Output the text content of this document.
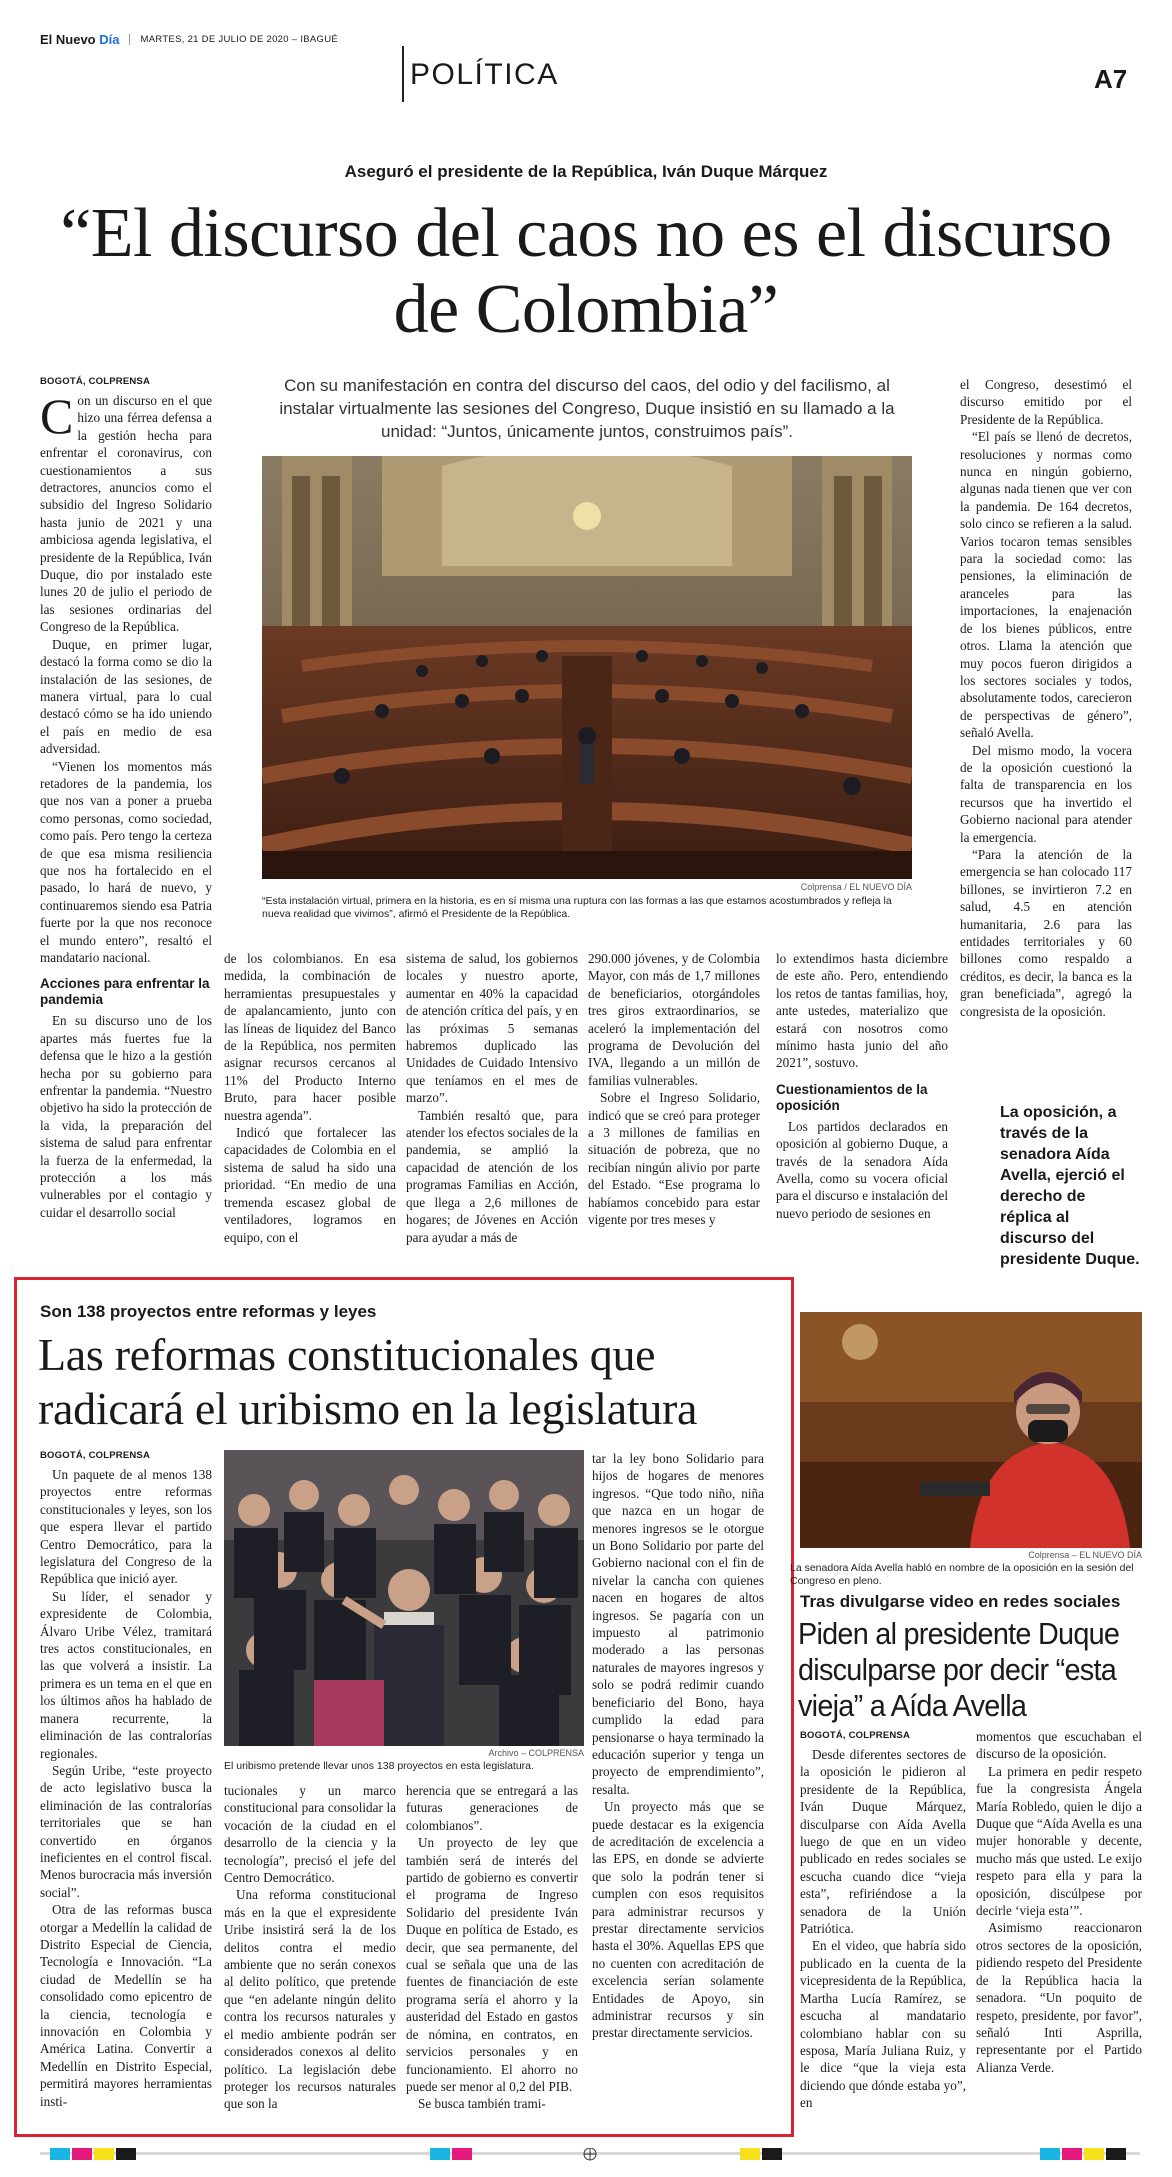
El Nuevo Día	MARTES, 21 DE JULIO DE 2020 – IBAGUÉ
POLÍTICA	A7
Aseguró el presidente de la República, Iván Duque Márquez
“El discurso del caos no es el discurso de Colombia”
Con su manifestación en contra del discurso del caos, del odio y del facilismo, al instalar virtualmente las sesiones del Congreso, Duque insistió en su llamado a la unidad: “Juntos, únicamente juntos, construimos país”.
BOGOTÁ, COLPRENSA

Con un discurso en el que hizo una férrea defensa a la gestión hecha para enfrentar el coronavirus, con cuestionamientos a sus detractores, anuncios como el subsidio del Ingreso Solidario hasta junio de 2021 y una ambiciosa agenda legislativa, el presidente de la República, Iván Duque, dio por instalado este lunes 20 de julio el periodo de las sesiones ordinarias del Congreso de la República.

Duque, en primer lugar, destacó la forma como se dio la instalación de las sesiones, de manera virtual, para lo cual destacó cómo se ha ido uniendo el país en medio de esa adversidad.

“Vienen los momentos más retadores de la pandemia, los que nos van a poner a prueba como personas, como sociedad, como país. Pero tengo la certeza de que esa misma resiliencia que nos ha fortalecido en el pasado, lo hará de nuevo, y continuaremos siendo esa Patria fuerte por la que nos reconoce el mundo entero”, resaltó el mandatario nacional.

Acciones para enfrentar la pandemia

En su discurso uno de los apartes más fuertes fue la defensa que le hizo a la gestión hecha por su gobierno para enfrentar la pandemia. “Nuestro objetivo ha sido la protección de la vida, la preparación del sistema de salud para enfrentar la fuerza de la enfermedad, la protección a los más vulnerables por el contagio y cuidar el desarrollo social

Colprensa / EL NUEVO DÍA
“Esta instalación virtual, primera en la historia, es en sí misma una ruptura con las formas a las que estamos acostumbrados y refleja la nueva realidad que vivimos”, afirmó el Presidente de la República.

de los colombianos. En esa medida, la combinación de herramientas presupuestales y de apalancamiento, junto con las líneas de liquidez del Banco de la República, nos permiten asignar recursos cercanos al 11% del Producto Interno Bruto, para hacer posible nuestra agenda”.

Indicó que fortalecer las capacidades de Colombia en el sistema de salud ha sido una prioridad. “En medio de una tremenda escasez global de ventiladores, logramos en equipo, con el

sistema de salud, los gobiernos locales y nuestro aporte, aumentar en 40% la capacidad de atención crítica del país, y en las próximas 5 semanas habremos duplicado las Unidades de Cuidado Intensivo que teníamos en el mes de marzo”.

También resaltó que, para atender los efectos sociales de la pandemia, se amplió la capacidad de atención de los programas Familias en Acción, que llega a 2,6 millones de hogares; de Jóvenes en Acción para ayudar a más de

290.000 jóvenes, y de Colombia Mayor, con más de 1,7 millones de beneficiarios, otorgándoles tres giros extraordinarios, se aceleró la implementación del programa de Devolución del IVA, llegando a un millón de familias vulnerables.

Sobre el Ingreso Solidario, indicó que se creó para proteger a 3 millones de familias en situación de pobreza, que no recibían ningún alivio por parte del Estado. “Ese programa lo habíamos concebido para estar vigente por tres meses y

lo extendimos hasta diciembre de este año. Pero, entendiendo los retos de tantas familias, hoy, ante ustedes, materializo que estará con nosotros como mínimo hasta junio del año 2021”, sostuvo.

Cuestionamientos de la oposición

Los partidos declarados en oposición al gobierno Duque, a través de la senadora Aída Avella, como su vocera oficial para el discurso e instalación del nuevo periodo de sesiones en

el Congreso, desestimó el discurso emitido por el Presidente de la República.

“El país se llenó de decretos, resoluciones y normas como nunca en ningún gobierno, algunas nada tienen que ver con la pandemia. De 164 decretos, solo cinco se refieren a la salud. Varios tocaron temas sensibles para la sociedad como: las pensiones, la eliminación de aranceles para las importaciones, la enajenación de los bienes públicos, entre otros. Llama la atención que muy pocos fueron dirigidos a los sectores sociales y todos, absolutamente todos, carecieron de perspectivas de género”, señaló Avella.

Del mismo modo, la vocera de la oposición cuestionó la falta de transparencia en los recursos que ha invertido el Gobierno nacional para atender la emergencia.

“Para la atención de la emergencia se han colocado 117 billones, se invirtieron 7.2 en salud, 4.5 en atención humanitaria, 2.6 para las entidades territoriales y 60 billones como respaldo a créditos, es decir, la banca es la gran beneficiada”, agregó la congresista de la oposición.

La oposición, a través de la senadora Aída Avella, ejerció el derecho de réplica al discurso del presidente Duque.
Son 138 proyectos entre reformas y leyes
Las reformas constitucionales que radicará el uribismo en la legislatura
BOGOTÁ, COLPRENSA

Un paquete de al menos 138 proyectos entre reformas constitucionales y leyes, son los que espera llevar el partido Centro Democrático, para la legislatura del Congreso de la República que inició ayer.

Su líder, el senador y expresidente de Colombia, Álvaro Uribe Vélez, tramitará tres actos constitucionales, en las que volverá a insistir. La primera es un tema en el que en los últimos años ha hablado de manera recurrente, la eliminación de las contralorías regionales.

Según Uribe, “este proyecto de acto legislativo busca la eliminación de las contralorías territoriales que se han convertido en órganos ineficientes en el control fiscal. Menos burocracia más inversión social”.

Otra de las reformas busca otorgar a Medellín la calidad de Distrito Especial de Ciencia, Tecnología e Innovación. “La ciudad de Medellín se ha consolidado como epicentro de la ciencia, tecnología e innovación en Colombia y América Latina. Convertir a Medellín en Distrito Especial, permitirá mayores herramientas insti-

Archivo – COLPRENSA
El uribismo pretende llevar unos 138 proyectos en esta legislatura.

tucionales y un marco constitucional para consolidar la vocación de la ciudad en el desarrollo de la ciencia y la tecnología”, precisó el jefe del Centro Democrático.

Una reforma constitucional más en la que el expresidente Uribe insistirá será la de los delitos contra el medio ambiente que no serán conexos al delito político, que pretende que “en adelante ningún delito contra los recursos naturales y el medio ambiente podrán ser considerados conexos al delito político. La legislación debe proteger los recursos naturales que son la

herencia que se entregará a las futuras generaciones de colombianos”.

Un proyecto de ley que también será de interés del partido de gobierno es convertir el programa de Ingreso Solidario del presidente Iván Duque en política de Estado, es decir, que sea permanente, del cual se señala que una de las fuentes de financiación de este programa sería el ahorro y la austeridad del Estado en gastos de nómina, en contratos, en servicios personales y en funcionamiento. El ahorro no puede ser menor al 0,2 del PIB.

Se busca también trami-

tar la ley bono Solidario para hijos de hogares de menores ingresos. “Que todo niño, niña que nazca en un hogar de menores ingresos se le otorgue un Bono Solidario por parte del Gobierno nacional con el fin de nivelar la cancha con quienes nacen en hogares de altos ingresos. Se pagaría con un impuesto al patrimonio moderado a las personas naturales de mayores ingresos y solo se podrá redimir cuando beneficiario del Bono, haya cumplido la edad para pensionarse o haya terminado la educación superior y tenga un proyecto de emprendimiento”, resalta.

Un proyecto más que se puede destacar es la exigencia de acreditación de excelencia a las EPS, en donde se advierte que solo la podrán tener si cumplen con esos requisitos para administrar recursos y prestar directamente servicios hasta el 30%. Aquellas EPS que no cuenten con acreditación de excelencia serían solamente Entidades de Apoyo, sin administrar recursos y sin prestar directamente servicios.

Colprensa – EL NUEVO DÍA
La senadora Aída Avella habló en nombre de la oposición en la sesión del Congreso en pleno.
Tras divulgarse video en redes sociales
Piden al presidente Duque disculparse por decir “esta vieja” a Aída Avella
BOGOTÁ, COLPRENSA

Desde diferentes sectores de la oposición le pidieron al presidente de la República, Iván Duque Márquez, disculparse con Aída Avella luego de que en un video publicado en redes sociales se escucha cuando dice “vieja esta”, refiriéndose a la senadora de la Unión Patriótica.

En el video, que habría sido publicado en la cuenta de la vicepresidenta de la República, Martha Lucía Ramírez, se escucha al mandatario colombiano hablar con su esposa, María Juliana Ruiz, y le dice “que la vieja esta diciendo que dónde estaba yo”, en

momentos que escuchaban el discurso de la oposición.

La primera en pedir respeto fue la congresista Ángela María Robledo, quien le dijo a Duque que “Aída Avella es una mujer honorable y decente, mucho más que usted. Le exijo respeto para ella y para la oposición, discúlpese por decirle ‘vieja esta’”.

Asimismo reaccionaron otros sectores de la oposición, pidiendo respeto del Presidente de la República hacia la senadora. “Un poquito de respeto, presidente, por favor”, señaló Inti Asprilla, representante por el Partido Alianza Verde.
